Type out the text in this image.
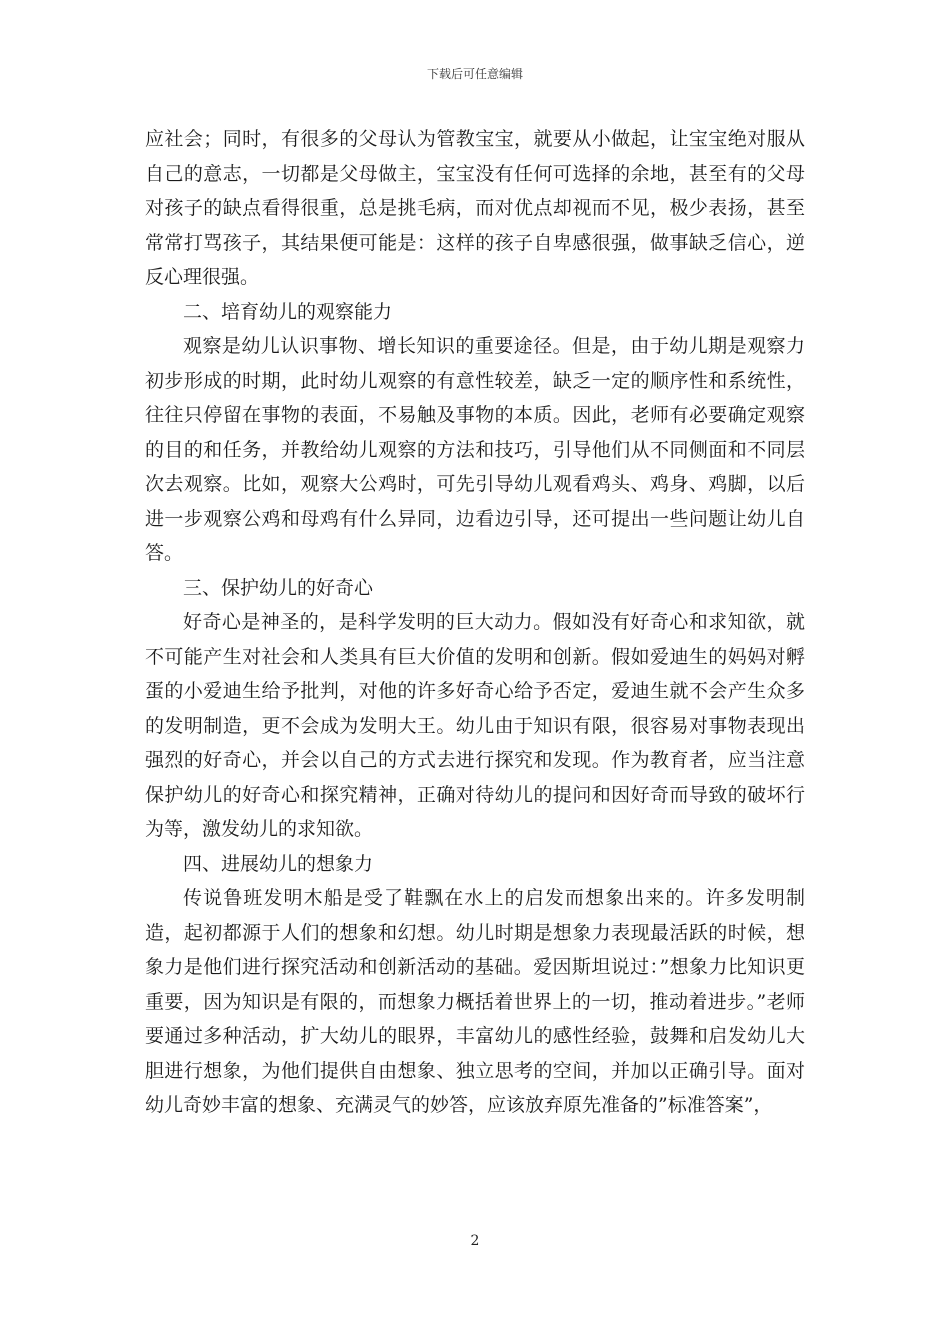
下载后可任意编辑

应社会；同时，有很多的父母认为管教宝宝，就要从小做起，让宝宝绝对服从自己的意志，一切都是父母做主，宝宝没有任何可选择的余地，甚至有的父母对孩子的缺点看得很重，总是挑毛病，而对优点却视而不见，极少表扬，甚至常常打骂孩子，其结果便可能是：这样的孩子自卑感很强，做事缺乏信心，逆反心理很强。

二、培育幼儿的观察能力

观察是幼儿认识事物、增长知识的重要途径。但是，由于幼儿期是观察力初步形成的时期，此时幼儿观察的有意性较差，缺乏一定的顺序性和系统性，往往只停留在事物的表面，不易触及事物的本质。因此，老师有必要确定观察的目的和任务，并教给幼儿观察的方法和技巧，引导他们从不同侧面和不同层次去观察。比如，观察大公鸡时，可先引导幼儿观看鸡头、鸡身、鸡脚，以后进一步观察公鸡和母鸡有什么异同，边看边引导，还可提出一些问题让幼儿自答。

三、保护幼儿的好奇心

好奇心是神圣的，是科学发明的巨大动力。假如没有好奇心和求知欲，就不可能产生对社会和人类具有巨大价值的发明和创新。假如爱迪生的妈妈对孵蛋的小爱迪生给予批判，对他的许多好奇心给予否定，爱迪生就不会产生众多的发明制造，更不会成为发明大王。幼儿由于知识有限，很容易对事物表现出强烈的好奇心，并会以自己的方式去进行探究和发现。作为教育者，应当注意保护幼儿的好奇心和探究精神，正确对待幼儿的提问和因好奇而导致的破坏行为等，激发幼儿的求知欲。

四、进展幼儿的想象力

传说鲁班发明木船是受了鞋飘在水上的启发而想象出来的。许多发明制造，起初都源于人们的想象和幻想。幼儿时期是想象力表现最活跃的时候，想象力是他们进行探究活动和创新活动的基础。爱因斯坦说过：”想象力比知识更重要，因为知识是有限的，而想象力概括着世界上的一切，推动着进步。”老师要通过多种活动，扩大幼儿的眼界，丰富幼儿的感性经验，鼓舞和启发幼儿大胆进行想象，为他们提供自由想象、独立思考的空间，并加以正确引导。面对幼儿奇妙丰富的想象、充满灵气的妙答，应该放弃原先准备的”标准答案”，

2
